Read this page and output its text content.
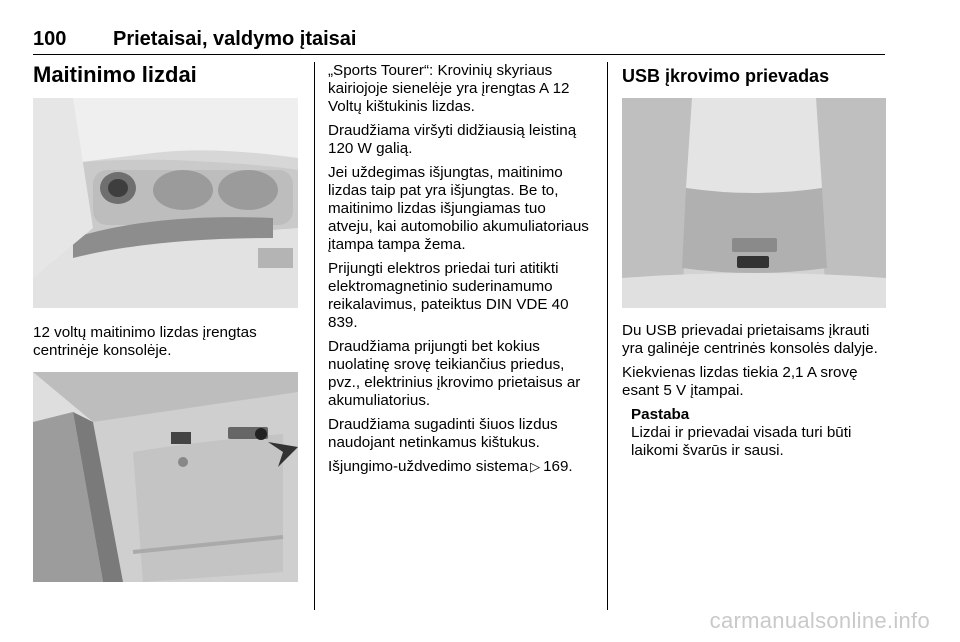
100 Prietaisai, valdymo įtaisai
Maitinimo lizdai
12 voltų maitinimo lizdas įrengtas centrinėje konsolėje.

„Sports Tourer“: Krovinių skyriaus kairiojoje sienelėje yra įrengtas A 12 Voltų kištukinis lizdas.

Draudžiama viršyti didžiausią leistiną 120 W galią.

Jei uždegimas išjungtas, maitinimo lizdas taip pat yra išjungtas. Be to, maitinimo lizdas išjungiamas tuo atveju, kai automobilio akumuliatoriaus įtampa tampa žema.

Prijungti elektros priedai turi atitikti elektromagnetinio suderinamumo reikalavimus, pateiktus DIN VDE 40 839.

Draudžiama prijungti bet kokius nuolatinę srovę teikiančius priedus, pvz., elektrinius įkrovimo prietaisus ar akumuliatorius.

Draudžiama sugadinti šiuos lizdus naudojant netinkamus kištukus.

Išjungimo-uždvedimo sistema ▷ 169.

USB įkrovimo prievadas

Du USB prievadai prietaisams įkrauti yra galinėje centrinės konsolės dalyje.

Kiekvienas lizdas tiekia 2,1 A srovę esant 5 V įtampai.

Pastaba
Lizdai ir prievadai visada turi būti laikomi švarūs ir sausi.
carmanualsonline.info
